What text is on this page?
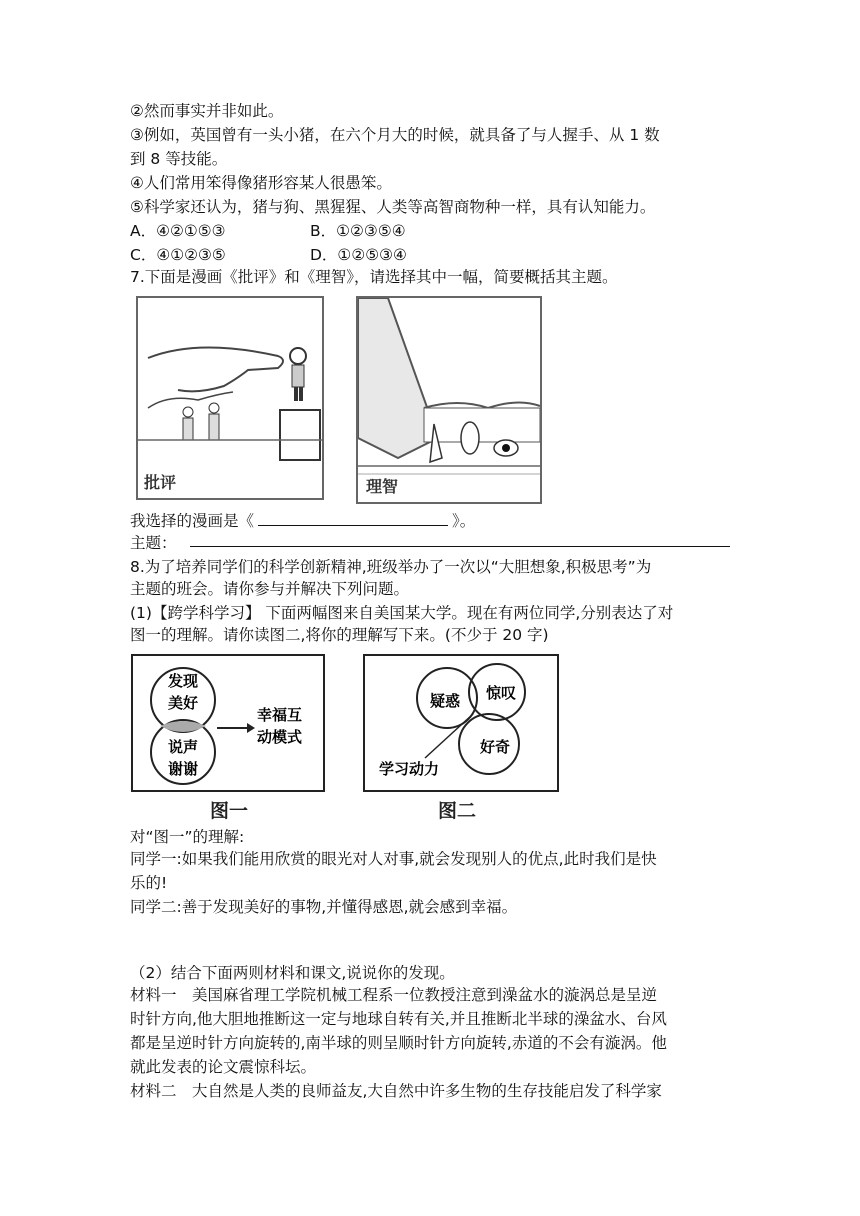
②然而事实并非如此。
③例如，英国曾有一头小猪，在六个月大的时候，就具备了与人握手、从 1 数
到 8 等技能。
④人们常用笨得像猪形容某人很愚笨。
⑤科学家还认为，猪与狗、黑猩猩、人类等高智商物种一样，具有认知能力。
A．④②①⑤③	B．①②③⑤④
C．④①②③⑤	D．①②⑤③④
7.下面是漫画《批评》和《理智》，请选择其中一幅，简要概括其主题。
批评	理智
我选择的漫画是《	》。
主题：
8.为了培养同学们的科学创新精神,班级举办了一次以“大胆想象,积极思考”为
主题的班会。请你参与并解决下列问题。
(1)【跨学科学习】 下面两幅图来自美国某大学。现在有两位同学,分别表达了对
图一的理解。请你读图二,将你的理解写下来。(不少于 20 字)
发现
美好
说声
谢谢
幸福互
动模式
图一
疑惑 惊叹
好奇
学习动力
图二
对“图一”的理解:
同学一:如果我们能用欣赏的眼光对人对事,就会发现别人的优点,此时我们是快
乐的!
同学二:善于发现美好的事物,并懂得感恩,就会感到幸福。
（2）结合下面两则材料和课文,说说你的发现。
材料一　美国麻省理工学院机械工程系一位教授注意到澡盆水的漩涡总是呈逆
时针方向,他大胆地推断这一定与地球自转有关,并且推断北半球的澡盆水、台风
都是呈逆时针方向旋转的,南半球的则呈顺时针方向旋转,赤道的不会有漩涡。他
就此发表的论文震惊科坛。
材料二　大自然是人类的良师益友,大自然中许多生物的生存技能启发了科学家
